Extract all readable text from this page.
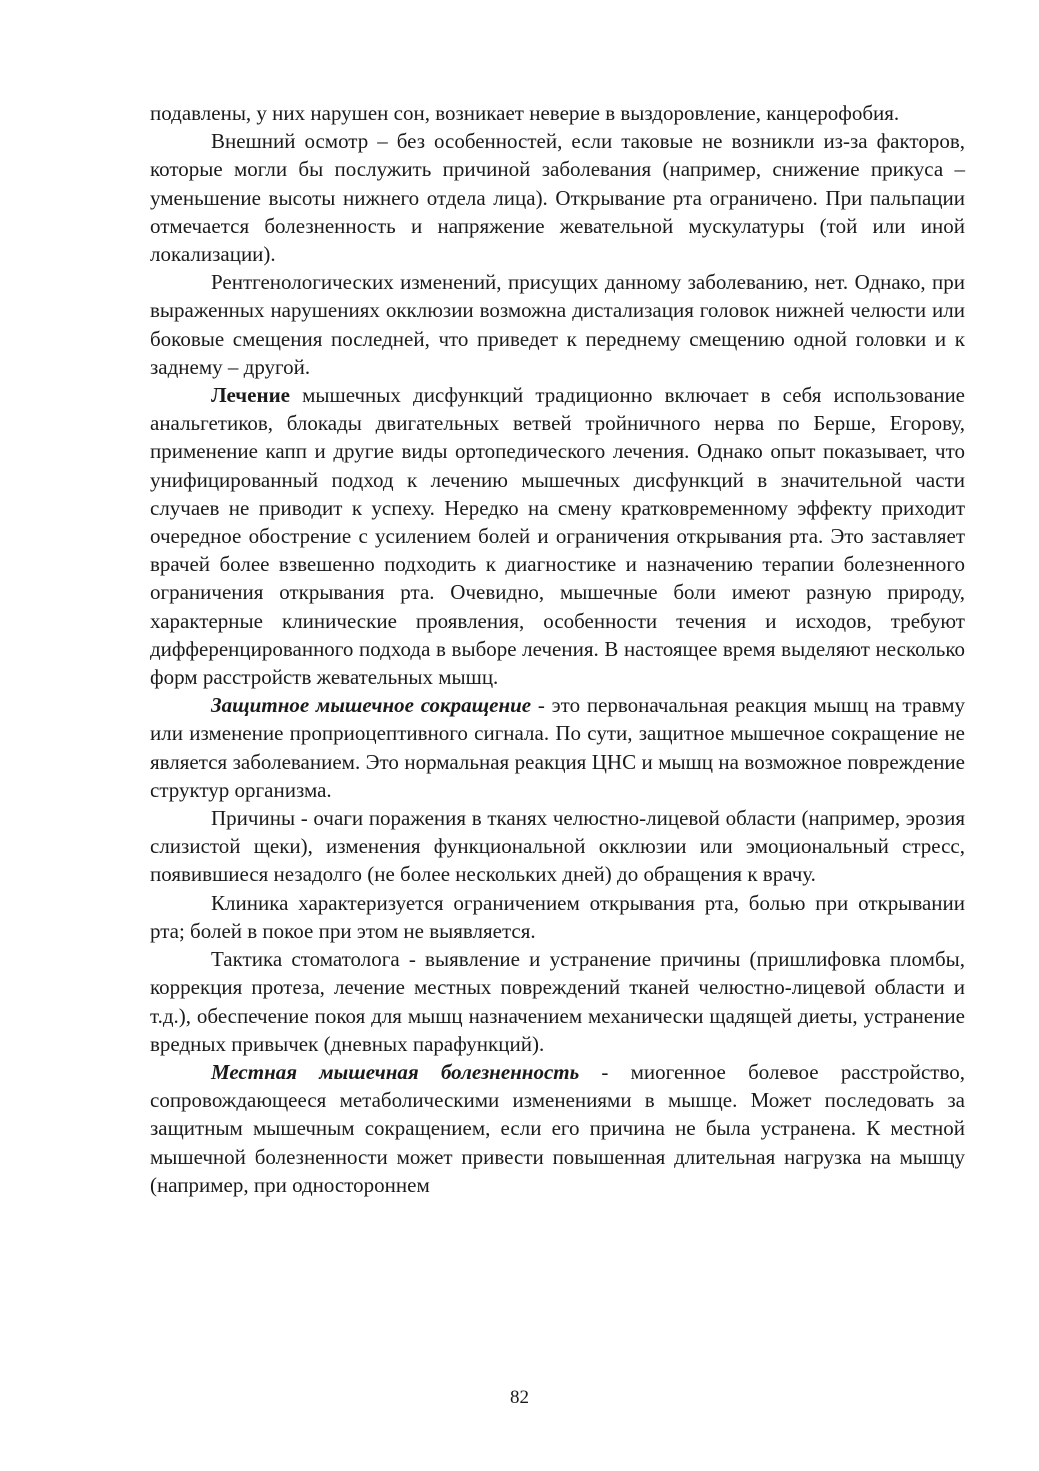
подавлены, у них нарушен сон, возникает неверие в выздоровление, канцерофобия.

Внешний осмотр – без особенностей, если таковые не возникли из-за факторов, которые могли бы послужить причиной заболевания (например, снижение прикуса – уменьшение высоты нижнего отдела лица). Открывание рта ограничено. При пальпации отмечается болезненность и напряжение жевательной мускулатуры (той или иной локализации).

Рентгенологических изменений, присущих данному заболеванию, нет. Однако, при выраженных нарушениях окклюзии возможна дистализация головок нижней челюсти или боковые смещения последней, что приведет к переднему смещению одной головки и к заднему – другой.

Лечение мышечных дисфункций традиционно включает в себя использование анальгетиков, блокады двигательных ветвей тройничного нерва по Берше, Егорову, применение капп и другие виды ортопедического лечения. Однако опыт показывает, что унифицированный подход к лечению мышечных дисфункций в значительной части случаев не приводит к успеху. Нередко на смену кратковременному эффекту приходит очередное обострение с усилением болей и ограничения открывания рта. Это заставляет врачей более взвешенно подходить к диагностике и назначению терапии болезненного ограничения открывания рта. Очевидно, мышечные боли имеют разную природу, характерные клинические проявления, особенности течения и исходов, требуют дифференцированного подхода в выборе лечения. В настоящее время выделяют несколько форм расстройств жевательных мышц.

Защитное мышечное сокращение - это первоначальная реакция мышц на травму или изменение проприоцептивного сигнала. По сути, защитное мышечное сокращение не является заболеванием. Это нормальная реакция ЦНС и мышц на возможное повреждение структур организма.

Причины - очаги поражения в тканях челюстно-лицевой области (например, эрозия слизистой щеки), изменения функциональной окклюзии или эмоциональный стресс, появившиеся незадолго (не более нескольких дней) до обращения к врачу.

Клиника характеризуется ограничением открывания рта, болью при открывании рта; болей в покое при этом не выявляется.

Тактика стоматолога - выявление и устранение причины (пришлифовка пломбы, коррекция протеза, лечение местных повреждений тканей челюстно-лицевой области и т.д.), обеспечение покоя для мышц назначением механически щадящей диеты, устранение вредных привычек (дневных парафункций).

Местная мышечная болезненность - миогенное болевое расстройство, сопровождающееся метаболическими изменениями в мышце. Может последовать за защитным мышечным сокращением, если его причина не была устранена. К местной мышечной болезненности может привести повышенная длительная нагрузка на мышцу (например, при одностороннем

82
